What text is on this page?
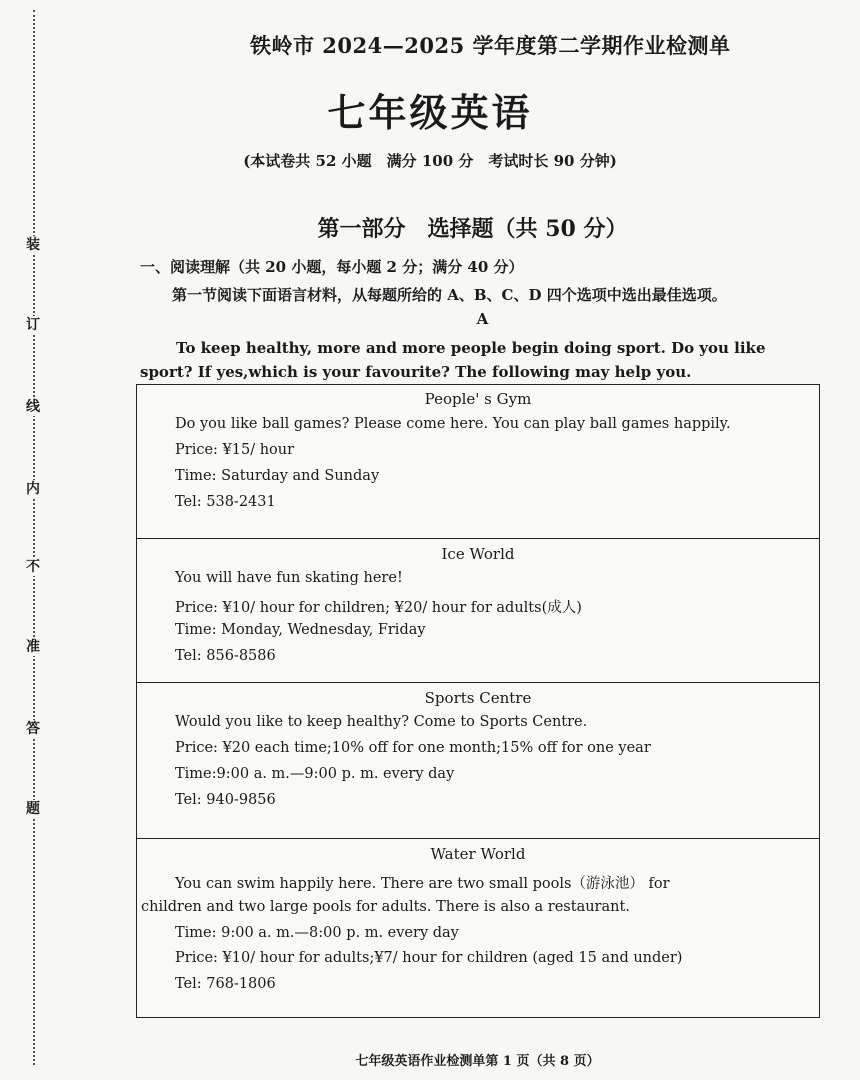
装
订
线
内
不
准
答
题
铁岭市 2024—2025 学年度第二学期作业检测单
七年级英语
(本试卷共 52 小题　满分 100 分　考试时长 90 分钟)
第一部分　选择题（共 50 分）
一、阅读理解（共 20 小题，每小题 2 分；满分 40 分）
第一节阅读下面语言材料，从每题所给的 A、B、C、D 四个选项中选出最佳选项。
A
To keep healthy, more and more people begin doing sport. Do you like sport? If yes,which is your favourite? The following may help you.
People' s Gym
Do you like ball games? Please come here. You can play ball games happily.
Price: ¥15/ hour
Time: Saturday and Sunday
Tel: 538-2431
Ice World
You will have fun skating here!
Price: ¥10/ hour for children; ¥20/ hour for adults(成人)
Time: Monday, Wednesday, Friday
Tel: 856-8586
Sports Centre
Would you like to keep healthy? Come to Sports Centre.
Price: ¥20 each time;10% off for one month;15% off for one year
Time:9:00 a. m.—9:00 p. m. every day
Tel: 940-9856
Water World
You can swim happily here. There are two small pools（游泳池） for
children and two large pools for adults. There is also a restaurant.
Time: 9:00 a. m.—8:00 p. m. every day
Price: ¥10/ hour for adults;¥7/ hour for children (aged 15 and under)
Tel: 768-1806
七年级英语作业检测单第 1 页（共 8 页）
